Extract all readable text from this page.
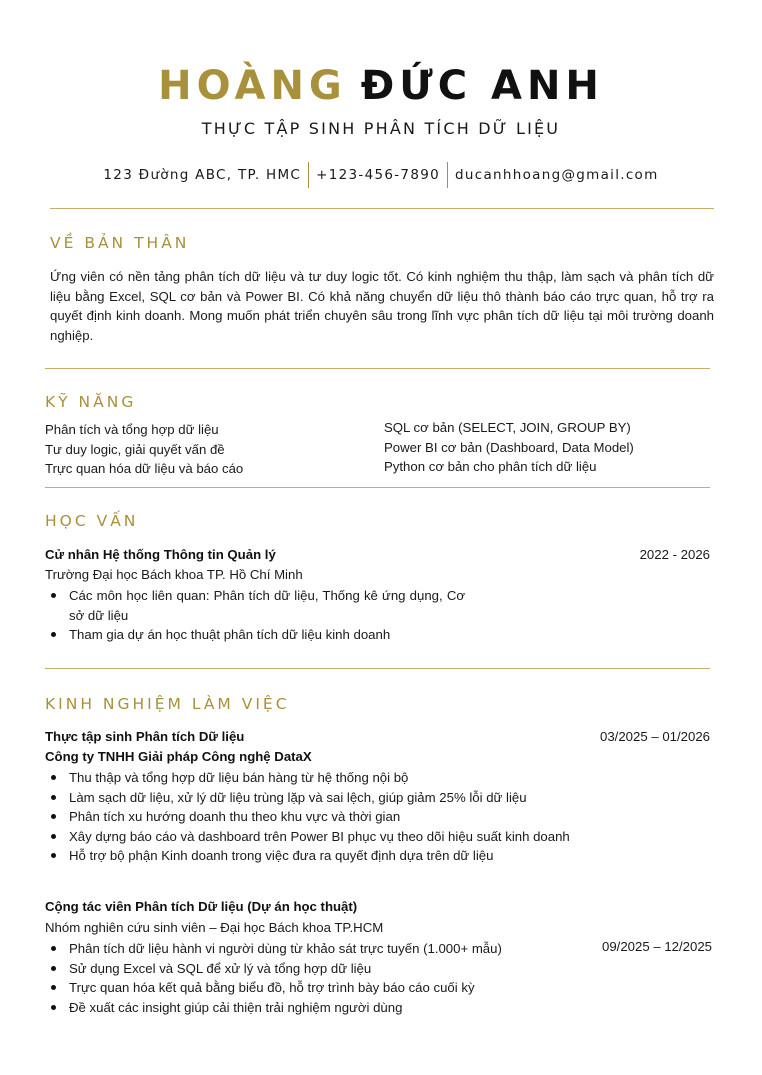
HOÀNG ĐỨC ANH
THỰC TẬP SINH PHÂN TÍCH DỮ LIỆU
123 Đường ABC, TP. HMC	+123-456-7890	ducanhhoang@gmail.com
VỀ BẢN THÂN
Ứng viên có nền tảng phân tích dữ liệu và tư duy logic tốt. Có kinh nghiệm thu thập, làm sạch và phân tích dữ liệu bằng Excel, SQL cơ bản và Power BI. Có khả năng chuyển dữ liệu thô thành báo cáo trực quan, hỗ trợ ra quyết định kinh doanh. Mong muốn phát triển chuyên sâu trong lĩnh vực phân tích dữ liệu tại môi trường doanh nghiệp.
KỸ NĂNG
Phân tích và tổng hợp dữ liệu
Tư duy logic, giải quyết vấn đề
Trực quan hóa dữ liệu và báo cáo
SQL cơ bản (SELECT, JOIN, GROUP BY)
Power BI cơ bản (Dashboard, Data Model)
Python cơ bản cho phân tích dữ liệu
HỌC VẤN
Cử nhân Hệ thống Thông tin Quản lý	2022 - 2026
Trường Đại học Bách khoa TP. Hồ Chí Minh
Các môn học liên quan: Phân tích dữ liệu, Thống kê ứng dụng, Cơ sở dữ liệu
Tham gia dự án học thuật phân tích dữ liệu kinh doanh
KINH NGHIỆM LÀM VIỆC
Thực tập sinh Phân tích Dữ liệu	03/2025 – 01/2026
Công ty TNHH Giải pháp Công nghệ DataX
Thu thập và tổng hợp dữ liệu bán hàng từ hệ thống nội bộ
Làm sạch dữ liệu, xử lý dữ liệu trùng lặp và sai lệch, giúp giảm 25% lỗi dữ liệu
Phân tích xu hướng doanh thu theo khu vực và thời gian
Xây dựng báo cáo và dashboard trên Power BI phục vụ theo dõi hiệu suất kinh doanh
Hỗ trợ bộ phận Kinh doanh trong việc đưa ra quyết định dựa trên dữ liệu
Cộng tác viên Phân tích Dữ liệu (Dự án học thuật)
Nhóm nghiên cứu sinh viên – Đại học Bách khoa TP.HCM
09/2025 – 12/2025
Phân tích dữ liệu hành vi người dùng từ khảo sát trực tuyến (1.000+ mẫu)
Sử dụng Excel và SQL để xử lý và tổng hợp dữ liệu
Trực quan hóa kết quả bằng biểu đồ, hỗ trợ trình bày báo cáo cuối kỳ
Đề xuất các insight giúp cải thiện trải nghiệm người dùng
